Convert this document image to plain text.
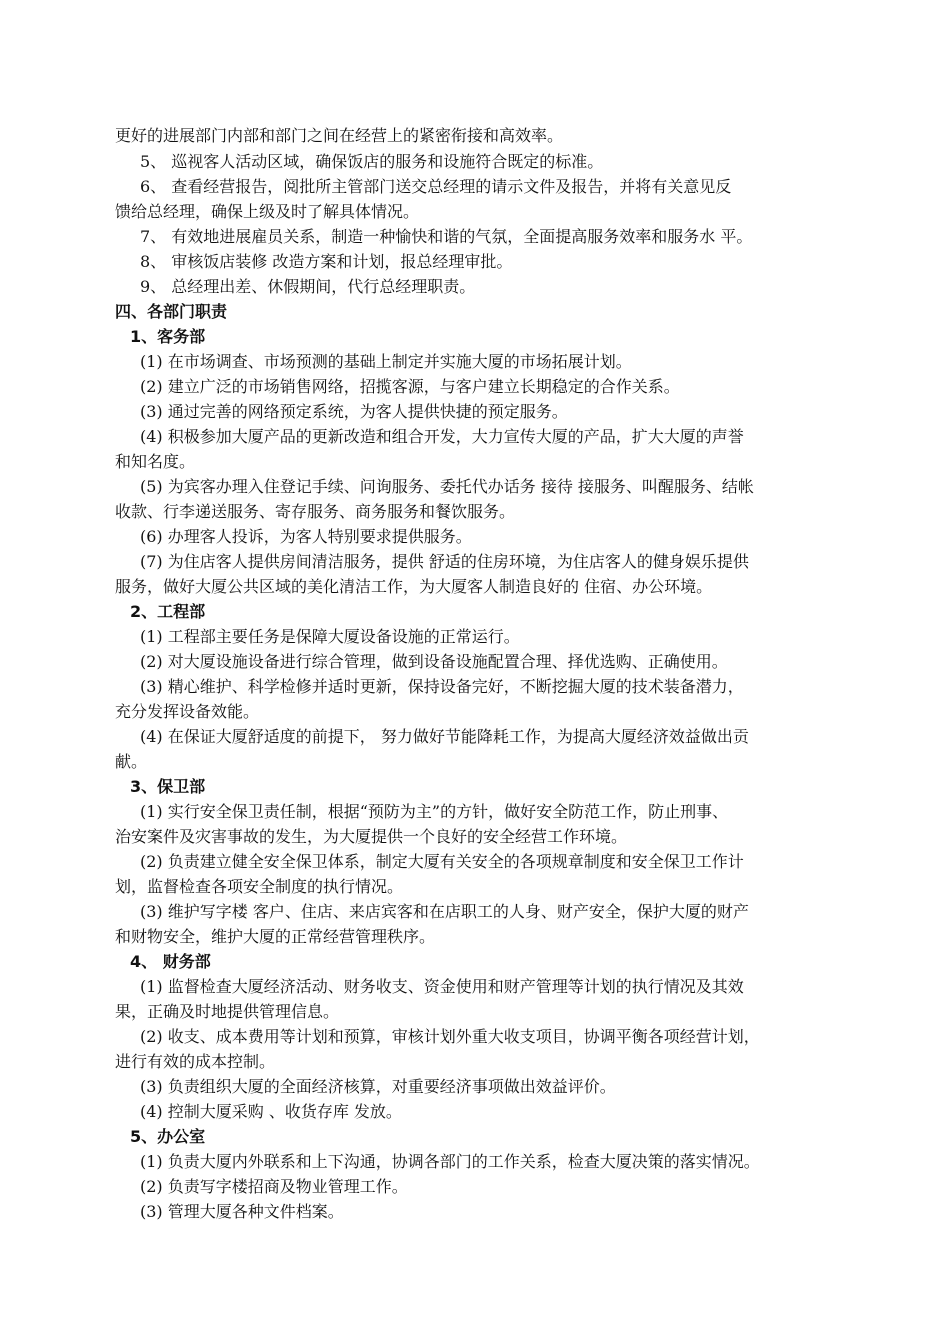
更好的进展部门内部和部门之间在经营上的紧密衔接和高效率。
5、 巡视客人活动区域，确保饭店的服务和设施符合既定的标准。
6、 查看经营报告，阅批所主管部门送交总经理的请示文件及报告，并将有关意见反
馈给总经理，确保上级及时了解具体情况。
7、 有效地进展雇员关系，制造一种愉快和谐的气氛，全面提高服务效率和服务水 平。
8、 审核饭店装修 改造方案和计划，报总经理审批。
9、 总经理出差、休假期间，代行总经理职责。
四、各部门职责
1、客务部
(1) 在市场调查、市场预测的基础上制定并实施大厦的市场拓展计划。
(2) 建立广泛的市场销售网络，招揽客源，与客户建立长期稳定的合作关系。
(3) 通过完善的网络预定系统，为客人提供快捷的预定服务。
(4) 积极参加大厦产品的更新改造和组合开发，大力宣传大厦的产品，扩大大厦的声誉
和知名度。
(5) 为宾客办理入住登记手续、问询服务、委托代办话务 接待 接服务、叫醒服务、结帐
收款、行李递送服务、寄存服务、商务服务和餐饮服务。
(6) 办理客人投诉，为客人特别要求提供服务。
(7) 为住店客人提供房间清洁服务，提供 舒适的住房环境，为住店客人的健身娱乐提供
服务，做好大厦公共区域的美化清洁工作，为大厦客人制造良好的 住宿、办公环境。
2、工程部
(1) 工程部主要任务是保障大厦设备设施的正常运行。
(2) 对大厦设施设备进行综合管理，做到设备设施配置合理、择优选购、正确使用。
(3) 精心维护、科学检修并适时更新，保持设备完好，不断挖掘大厦的技术装备潜力，
充分发挥设备效能。
(4) 在保证大厦舒适度的前提下， 努力做好节能降耗工作，为提高大厦经济效益做出贡
献。
3、保卫部
(1) 实行安全保卫责任制，根据“预防为主”的方针，做好安全防范工作，防止刑事、
治安案件及灾害事故的发生，为大厦提供一个良好的安全经营工作环境。
(2) 负责建立健全安全保卫体系，制定大厦有关安全的各项规章制度和安全保卫工作计
划，监督检查各项安全制度的执行情况。
(3) 维护写字楼 客户、住店、来店宾客和在店职工的人身、财产安全，保护大厦的财产
和财物安全，维护大厦的正常经营管理秩序。
4、 财务部
(1) 监督检查大厦经济活动、财务收支、资金使用和财产管理等计划的执行情况及其效
果，正确及时地提供管理信息。
(2) 收支、成本费用等计划和预算，审核计划外重大收支项目，协调平衡各项经营计划，
进行有效的成本控制。
(3) 负责组织大厦的全面经济核算，对重要经济事项做出效益评价。
(4) 控制大厦采购 、收货存库 发放。
5、办公室
(1) 负责大厦内外联系和上下沟通，协调各部门的工作关系，检查大厦决策的落实情况。
(2) 负责写字楼招商及物业管理工作。
(3) 管理大厦各种文件档案。
